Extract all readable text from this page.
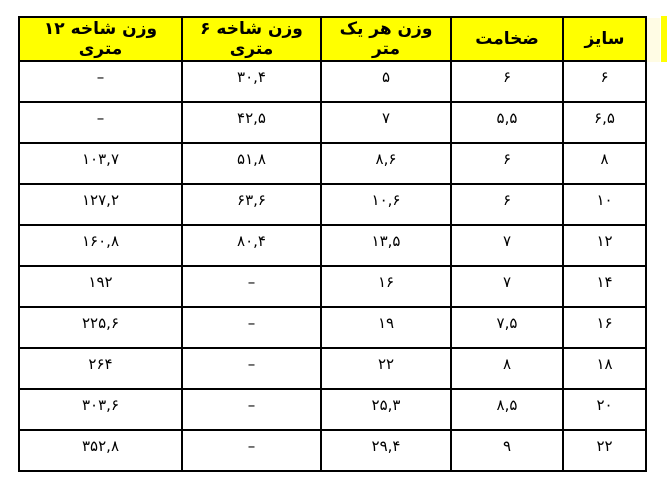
سایز	ضخامت	وزن هر یک متر	وزن شاخه ۶ متری	وزن شاخه ۱۲ متری
۶	۶	۵	۳۰,۴	–
۶,۵	۵,۵	۷	۴۲,۵	–
۸	۶	۸,۶	۵۱,۸	۱۰۳,۷
۱۰	۶	۱۰,۶	۶۳,۶	۱۲۷,۲
۱۲	۷	۱۳,۵	۸۰,۴	۱۶۰,۸
۱۴	۷	۱۶	–	۱۹۲
۱۶	۷,۵	۱۹	–	۲۲۵,۶
۱۸	۸	۲۲	–	۲۶۴
۲۰	۸,۵	۲۵,۳	–	۳۰۳,۶
۲۲	۹	۲۹,۴	–	۳۵۲,۸
